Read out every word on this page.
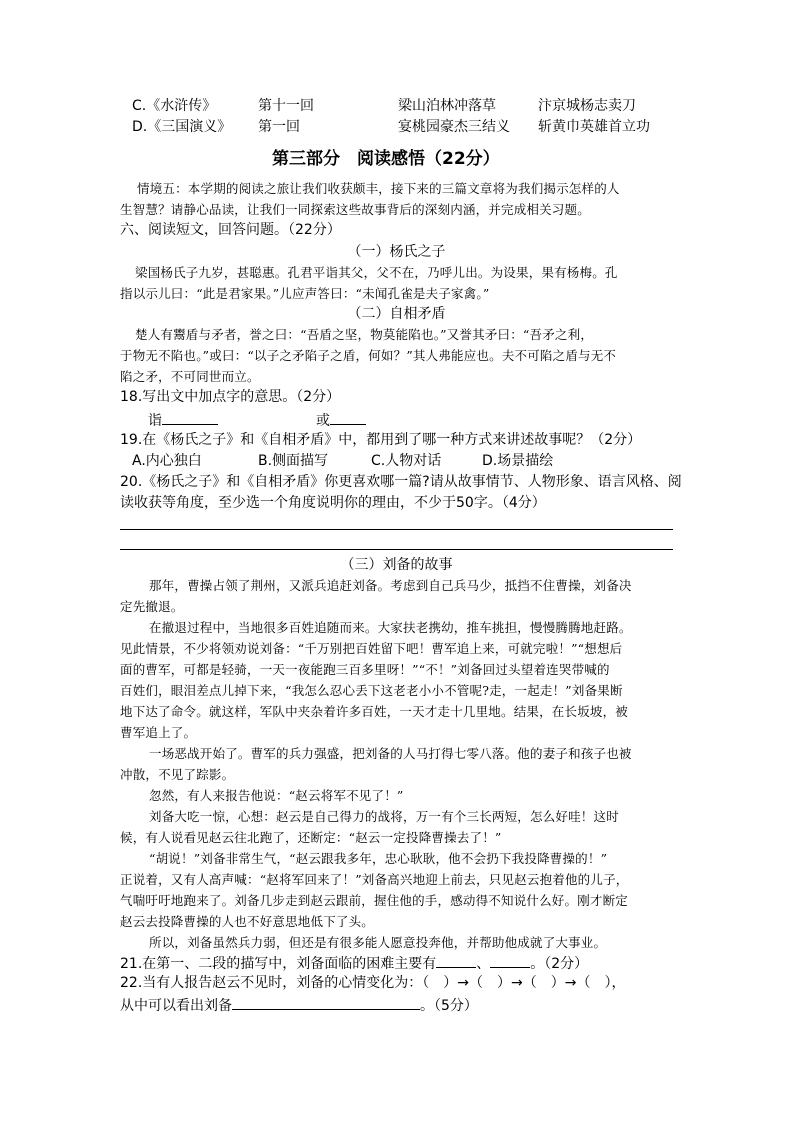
C.《水浒传》	第十一回	梁山泊林冲落草	汴京城杨志卖刀
D.《三国演义》 第一回	宴桃园豪杰三结义 斩黄巾英雄首立功
第三部分　阅读感悟（22分）
情境五：本学期的阅读之旅让我们收获颇丰，接下来的三篇文章将为我们揭示怎样的人
生智慧？请静心品读，让我们一同探索这些故事背后的深刻内涵，并完成相关习题。
六、阅读短文，回答问题。（22分）
（一）杨氏之子
梁国杨氏子九岁，甚聪惠。孔君平诣其父，父不在，乃呼儿出。为设果，果有杨梅。孔
指以示儿曰：“此是君家果。”儿应声答曰：“未闻孔雀是夫子家禽。”
（二）自相矛盾
楚人有鬻盾与矛者，誉之曰：“吾盾之坚，物莫能陷也。”又誉其矛曰：“吾矛之利，
于物无不陷也。”或曰：“以子之矛陷子之盾，何如？”其人弗能应也。夫不可陷之盾与无不
陷之矛，不可同世而立。
18.写出文中加点字的意思。（2分）
诣	或
19.在《杨氏之子》和《自相矛盾》中，都用到了哪一种方式来讲述故事呢？（2分）
A.内心独白	B.侧面描写	C.人物对话	D.场景描绘
20.《杨氏之子》和《自相矛盾》你更喜欢哪一篇?请从故事情节、人物形象、语言风格、阅
读收获等角度，至少选一个角度说明你的理由，不少于50字。（4分）
（三）刘备的故事
那年，曹操占领了荆州，又派兵追赶刘备。考虑到自己兵马少，抵挡不住曹操，刘备决
定先撤退。
在撤退过程中，当地很多百姓追随而来。大家扶老携幼，推车挑担，慢慢腾腾地赶路。
见此情景，不少将领劝说刘备：“千万别把百姓留下吧！曹军追上来，可就完啦！”“想想后
面的曹军，可都是轻骑，一天一夜能跑三百多里呀！”“不！”刘备回过头望着连哭带喊的
百姓们，眼泪差点儿掉下来，“我怎么忍心丢下这老老小小不管呢?走，一起走！”刘备果断
地下达了命令。就这样，军队中夹杂着许多百姓，一天才走十几里地。结果，在长坂坡，被
曹军追上了。
一场恶战开始了。曹军的兵力强盛，把刘备的人马打得七零八落。他的妻子和孩子也被
冲散，不见了踪影。
忽然，有人来报告他说：“赵云将军不见了！”
刘备大吃一惊，心想：赵云是自己得力的战将，万一有个三长两短，怎么好哇！这时
候，有人说看见赵云往北跑了，还断定：“赵云一定投降曹操去了！”
“胡说！”刘备非常生气，“赵云跟我多年，忠心耿耿，他不会扔下我投降曹操的！”
正说着，又有人高声喊：“赵将军回来了！”刘备高兴地迎上前去，只见赵云抱着他的儿子，
气喘吁吁地跑来了。刘备几步走到赵云跟前，握住他的手，感动得不知说什么好。刚才断定
赵云去投降曹操的人也不好意思地低下了头。
所以，刘备虽然兵力弱，但还是有很多能人愿意投奔他，并帮助他成就了大事业。
21.在第一、二段的描写中，刘备面临的困难主要有	、	。（2分）
22.当有人报告赵云不见时，刘备的心情变化为：（　）→（　）→（　）→（　），
从中可以看出刘备	。（5分）
